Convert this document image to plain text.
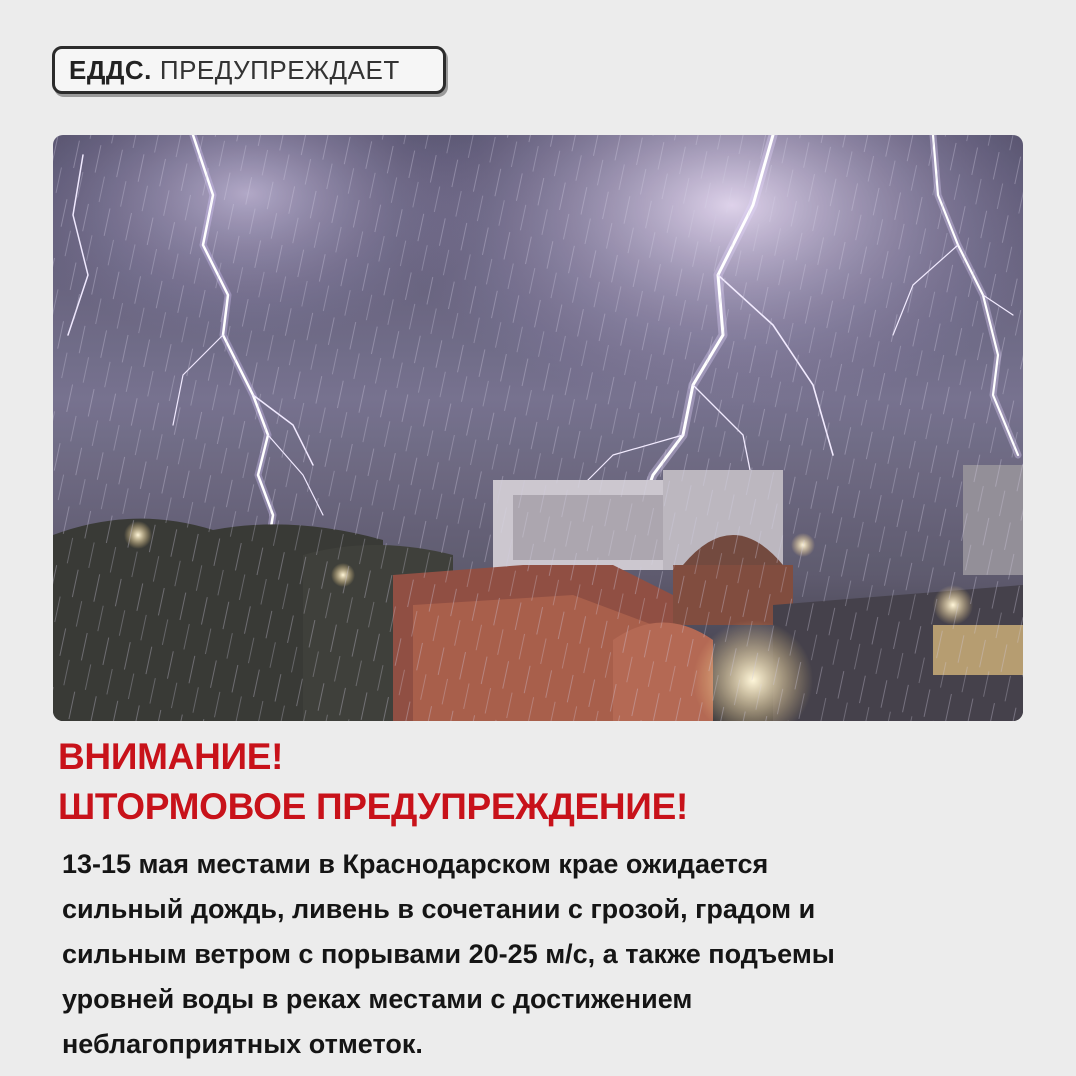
ЕДДС. ПРЕДУПРЕЖДАЕТ
ВНИМАНИЕ!
ШТОРМОВОЕ ПРЕДУПРЕЖДЕНИЕ!
13-15 мая местами в Краснодарском крае ожидается
сильный дождь, ливень в сочетании с грозой, градом и
сильным ветром с порывами 20-25 м/с, а также подъемы
уровней воды в реках местами с достижением
неблагоприятных отметок.
